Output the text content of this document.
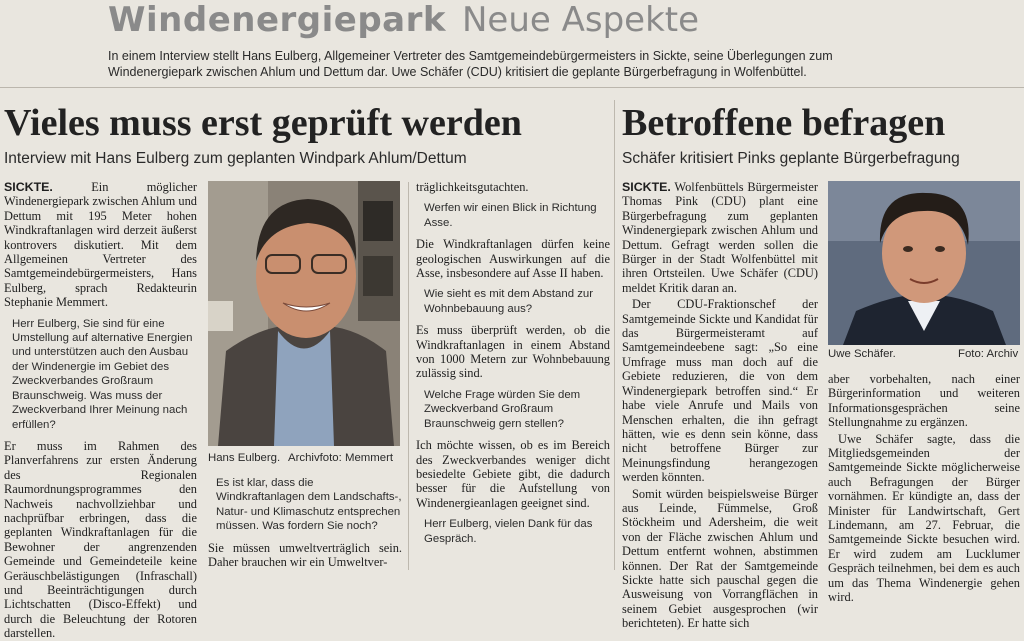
Windenergiepark Neue Aspekte
In einem Interview stellt Hans Eulberg, Allgemeiner Vertreter des Samtgemeindebürgermeisters in Sickte, seine Überlegungen zum Windenergiepark zwischen Ahlum und Dettum dar. Uwe Schäfer (CDU) kritisiert die geplante Bürgerbefragung in Wolfenbüttel.
Vieles muss erst geprüft werden
Interview mit Hans Eulberg zum geplanten Windpark Ahlum/Dettum

SICKTE. Ein möglicher Windenergiepark zwischen Ahlum und Dettum mit 195 Meter hohen Windkraftanlagen wird derzeit äußerst kontrovers diskutiert. Mit dem Allgemeinen Vertreter des Samtgemeindebürgermeisters, Hans Eulberg, sprach Redakteurin Stephanie Memmert.

Herr Eulberg, Sie sind für eine Umstellung auf alternative Energien und unterstützen auch den Ausbau der Windenergie im Gebiet des Zweckverbandes Großraum Braunschweig. Was muss der Zweckverband Ihrer Meinung nach erfüllen?

Er muss im Rahmen des Planverfahrens zur ersten Änderung des Regionalen Raumordnungsprogrammes den Nachweis nachvollziehbar und nachprüfbar erbringen, dass die geplanten Windkraftanlagen für die Bewohner der angrenzenden Gemeinde und Gemeindeteile keine Geräuschbelästigungen (Infraschall) und Beeinträchtigungen durch Lichtschatten (Disco-Effekt) und durch die Beleuchtung der Rotoren darstellen.

Hans Eulberg. Archivfoto: Memmert

Es ist klar, dass die Windkraftanlagen dem Landschafts-, Natur- und Klimaschutz entsprechen müssen. Was fordern Sie noch?

Sie müssen umweltverträglich sein. Daher brauchen wir ein Umweltver-

träglichkeitsgutachten.

Werfen wir einen Blick in Richtung Asse.

Die Windkraftanlagen dürfen keine geologischen Auswirkungen auf die Asse, insbesondere auf Asse II haben.

Wie sieht es mit dem Abstand zur Wohnbebauung aus?

Es muss überprüft werden, ob die Windkraftanlagen in einem Abstand von 1000 Metern zur Wohnbebauung zulässig sind.

Welche Frage würden Sie dem Zweckverband Großraum Braunschweig gern stellen?

Ich möchte wissen, ob es im Bereich des Zweckverbandes weniger dicht besiedelte Gebiete gibt, die dadurch besser für die Aufstellung von Windenergieanlagen geeignet sind.

Herr Eulberg, vielen Dank für das Gespräch.

Betroffene befragen
Schäfer kritisiert Pinks geplante Bürgerbefragung

SICKTE. Wolfenbüttels Bürgermeister Thomas Pink (CDU) plant eine Bürgerbefragung zum geplanten Windenergiepark zwischen Ahlum und Dettum. Gefragt werden sollen die Bürger in der Stadt Wolfenbüttel mit ihren Ortsteilen. Uwe Schäfer (CDU) meldet Kritik daran an.

Der CDU-Fraktionschef der Samtgemeinde Sickte und Kandidat für das Bürgermeisteramt auf Samtgemeindeebene sagt: „So eine Umfrage muss man doch auf die Gebiete reduzieren, die von dem Windenergiepark betroffen sind.“ Er habe viele Anrufe und Mails von Menschen erhalten, die ihn gefragt hätten, wie es denn sein könne, dass nicht betroffene Bürger zur Meinungsfindung herangezogen werden könnten.

Somit würden beispielsweise Bürger aus Leinde, Fümmelse, Groß Stöckheim und Adersheim, die weit von der Fläche zwischen Ahlum und Dettum entfernt wohnen, abstimmen können. Der Rat der Samtgemeinde Sickte hatte sich pauschal gegen die Ausweisung von Vorrangflächen in seinem Gebiet ausgesprochen (wir berichteten). Er hatte sich

Uwe Schäfer.	Foto: Archiv

aber vorbehalten, nach einer Bürgerinformation und weiteren Informationsgesprächen seine Stellungnahme zu ergänzen.

Uwe Schäfer sagte, dass die Mitgliedsgemeinden der Samtgemeinde Sickte möglicherweise auch Befragungen der Bürger vornähmen. Er kündigte an, dass der Minister für Landwirtschaft, Gert Lindemann, am 27. Februar, die Samtgemeinde Sickte besuchen wird. Er wird zudem am Lucklumer Gespräch teilnehmen, bei dem es auch um das Thema Windenergie gehen wird.
